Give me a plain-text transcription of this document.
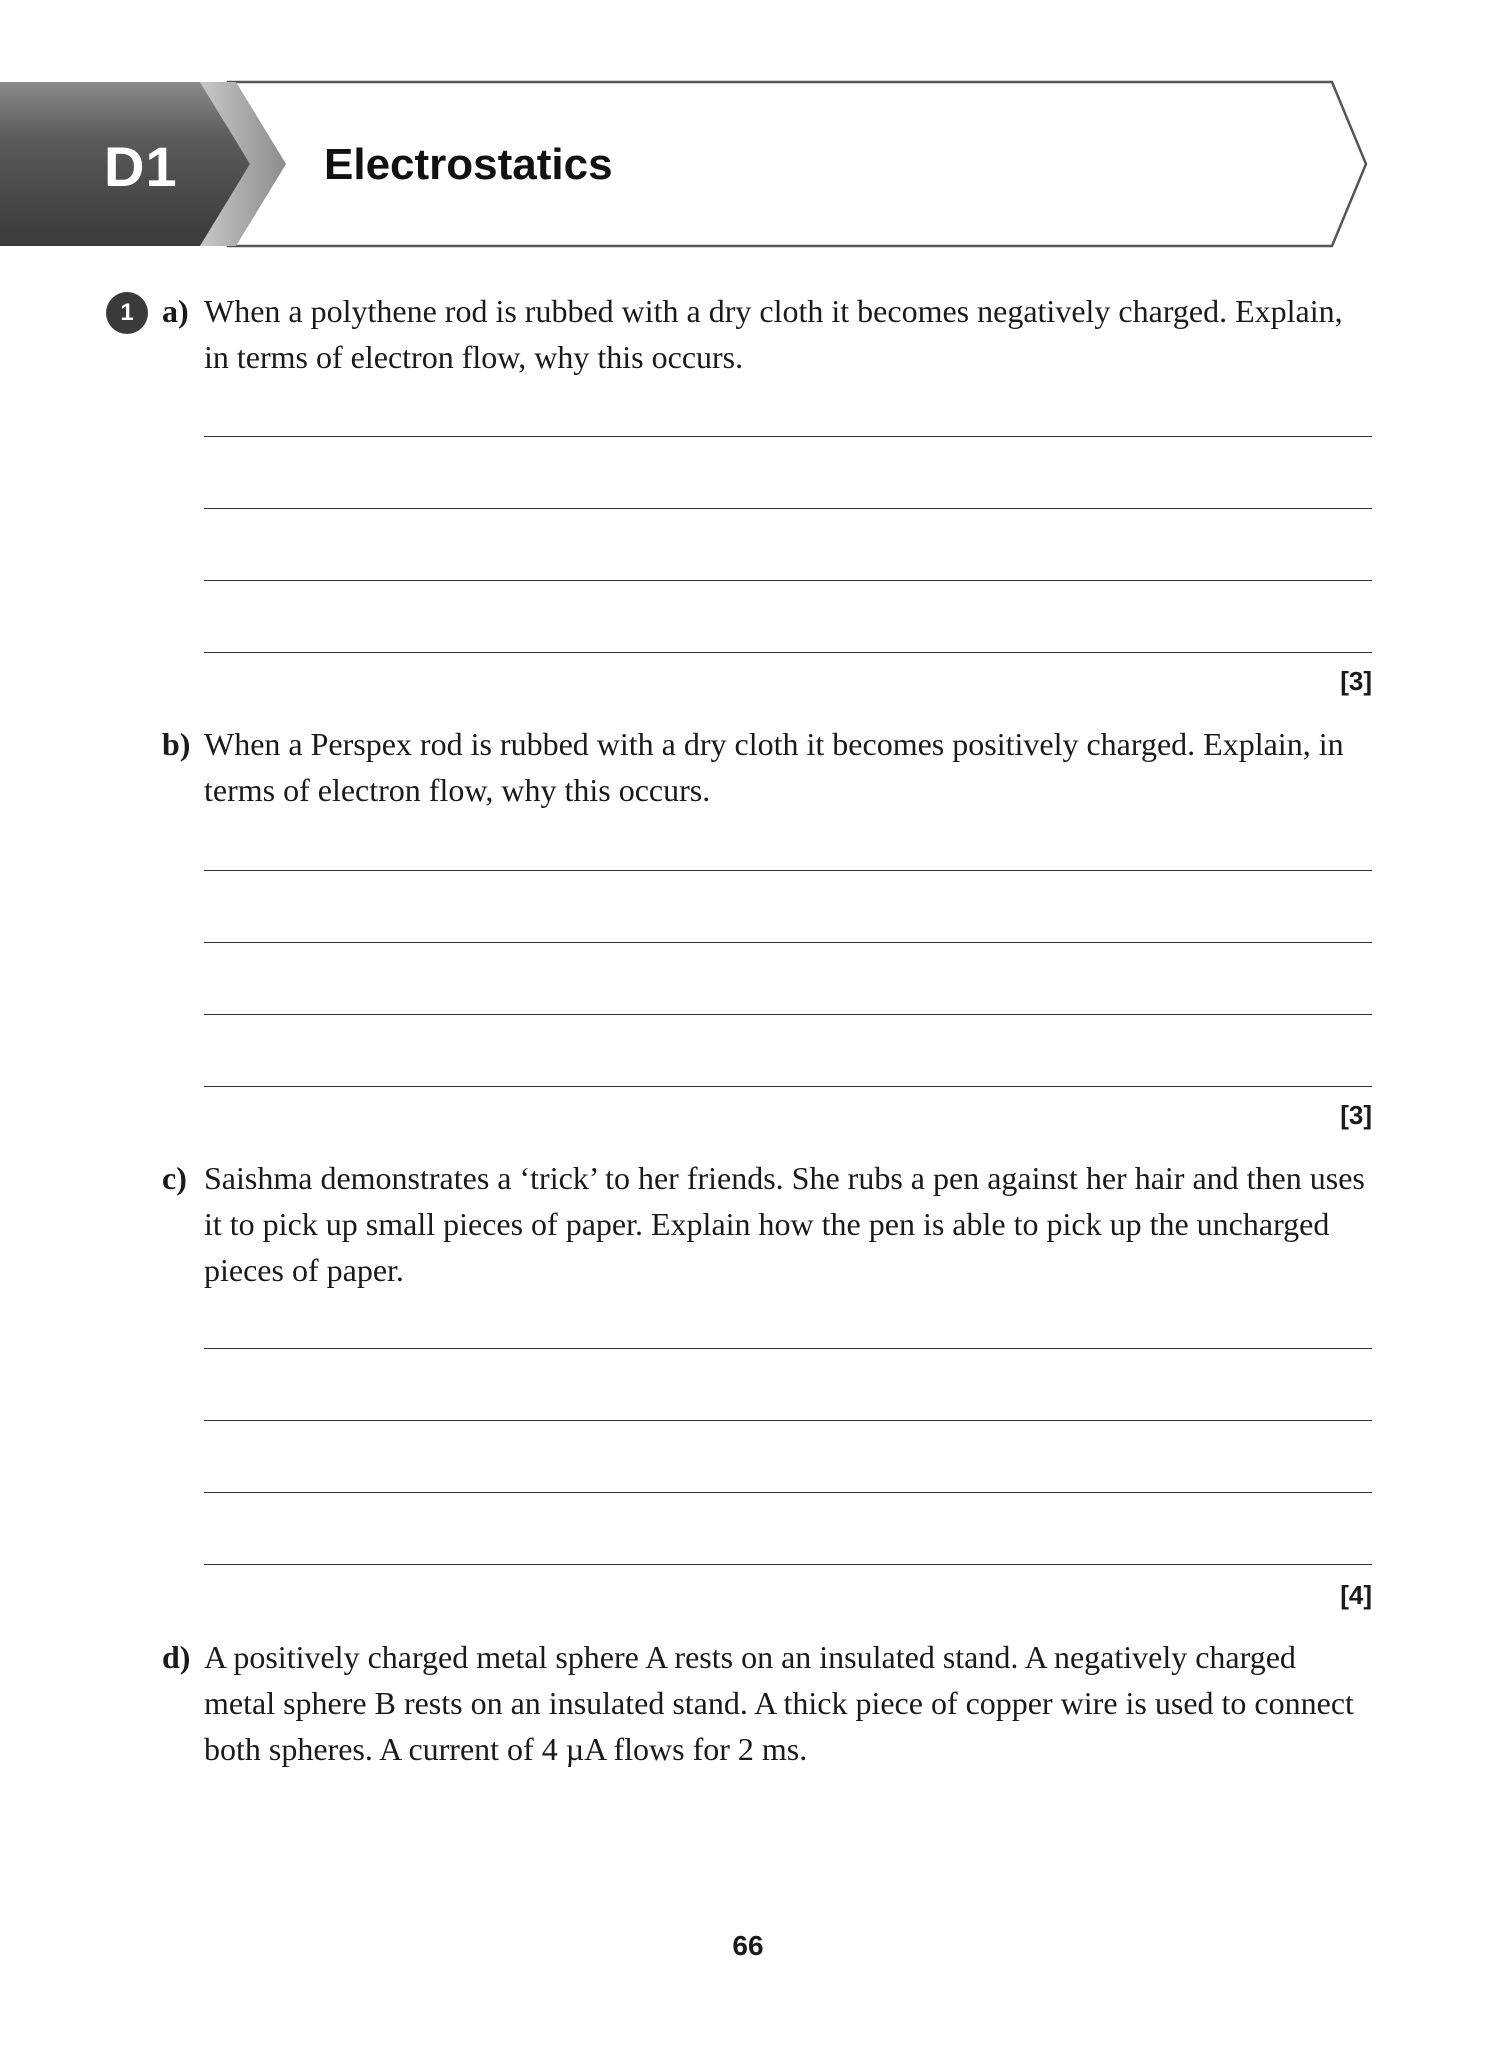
D1	Electrostatics
1 a) When a polythene rod is rubbed with a dry cloth it becomes negatively charged. Explain, in terms of electron flow, why this occurs.
[3]
b) When a Perspex rod is rubbed with a dry cloth it becomes positively charged. Explain, in terms of electron flow, why this occurs.
[3]
c) Saishma demonstrates a ‘trick’ to her friends. She rubs a pen against her hair and then uses it to pick up small pieces of paper. Explain how the pen is able to pick up the uncharged pieces of paper.
[4]
d) A positively charged metal sphere A rests on an insulated stand. A negatively charged metal sphere B rests on an insulated stand. A thick piece of copper wire is used to connect both spheres. A current of 4 µA flows for 2 ms.
66
